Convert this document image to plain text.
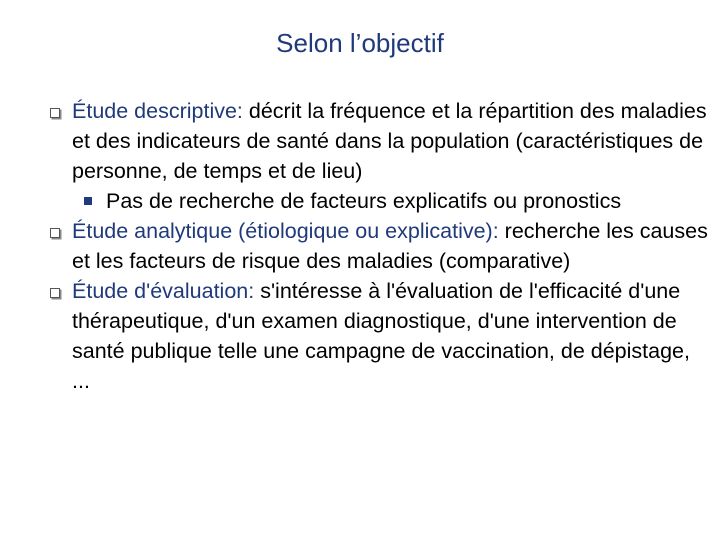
Selon l’objectif
Étude descriptive: décrit la fréquence et la répartition des maladies et des indicateurs de santé dans la population (caractéristiques de personne, de temps et de lieu)
Pas de recherche de facteurs explicatifs ou pronostics
Étude analytique (étiologique ou explicative): recherche les causes et les facteurs de risque des maladies (comparative)
Étude d'évaluation: s'intéresse à l'évaluation de l'efficacité d'une thérapeutique, d'un examen diagnostique, d'une intervention de santé publique telle une campagne de vaccination, de dépistage, ...
